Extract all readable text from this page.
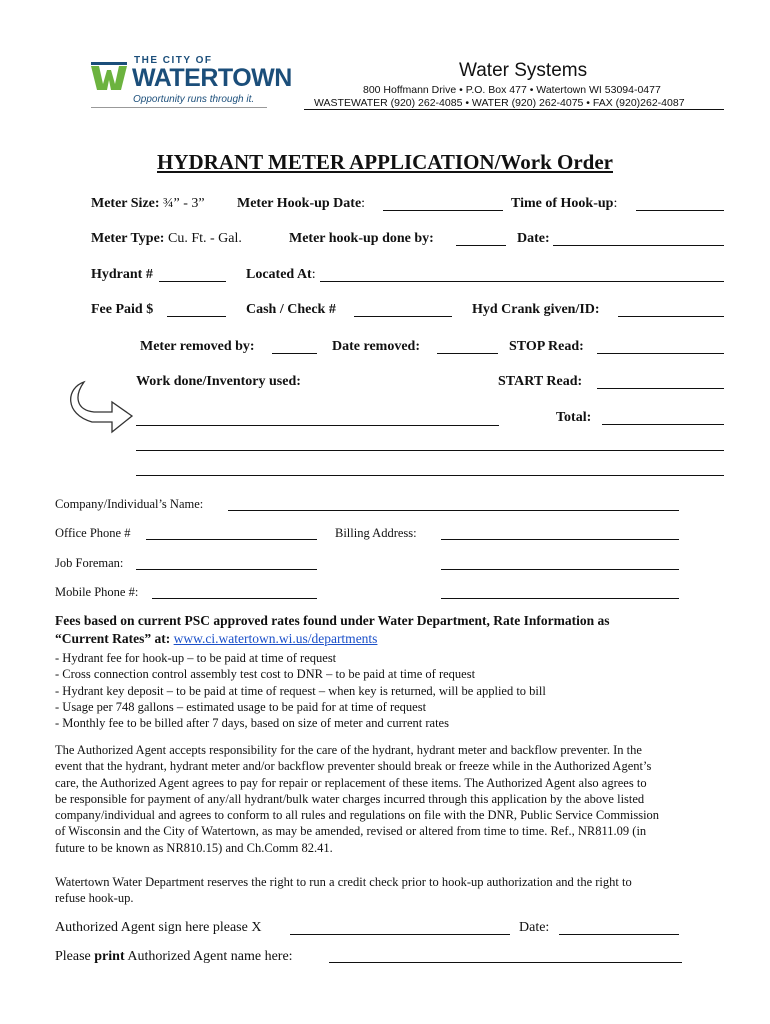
THE CITY OF
WATERTOWN
Opportunity runs through it.
Water Systems
800 Hoffmann Drive • P.O. Box 477 • Watertown WI 53094-0477
WASTEWATER (920) 262-4085 • WATER (920) 262-4075 • FAX (920)262-4087
HYDRANT METER APPLICATION/Work Order
Meter Size: ¾” - 3” Meter Hook-up Date:	Time of Hook-up:
Meter Type: Cu. Ft. - Gal.	Meter hook-up done by:	Date:
Hydrant #	Located At:
Fee Paid $	Cash / Check #	Hyd Crank given/ID:
Meter removed by:	Date removed:	STOP Read:
Work done/Inventory used:	START Read:
Total:
Company/Individual’s Name:
Office Phone #	Billing Address:
Job Foreman:
Mobile Phone #:
Fees based on current PSC approved rates found under Water Department, Rate Information as
“Current Rates” at: www.ci.watertown.wi.us/departments
- Hydrant fee for hook-up – to be paid at time of request
- Cross connection control assembly test cost to DNR – to be paid at time of request
- Hydrant key deposit – to be paid at time of request – when key is returned, will be applied to bill
- Usage per 748 gallons – estimated usage to be paid for at time of request
- Monthly fee to be billed after 7 days, based on size of meter and current rates
The Authorized Agent accepts responsibility for the care of the hydrant, hydrant meter and backflow preventer. In the
event that the hydrant, hydrant meter and/or backflow preventer should break or freeze while in the Authorized Agent’s
care, the Authorized Agent agrees to pay for repair or replacement of these items. The Authorized Agent also agrees to
be responsible for payment of any/all hydrant/bulk water charges incurred through this application by the above listed
company/individual and agrees to conform to all rules and regulations on file with the DNR, Public Service Commission
of Wisconsin and the City of Watertown, as may be amended, revised or altered from time to time. Ref., NR811.09 (in
future to be known as NR810.15) and Ch.Comm 82.41.
Watertown Water Department reserves the right to run a credit check prior to hook-up authorization and the right to
refuse hook-up.
Authorized Agent sign here please X	Date:
Please print Authorized Agent name here:
